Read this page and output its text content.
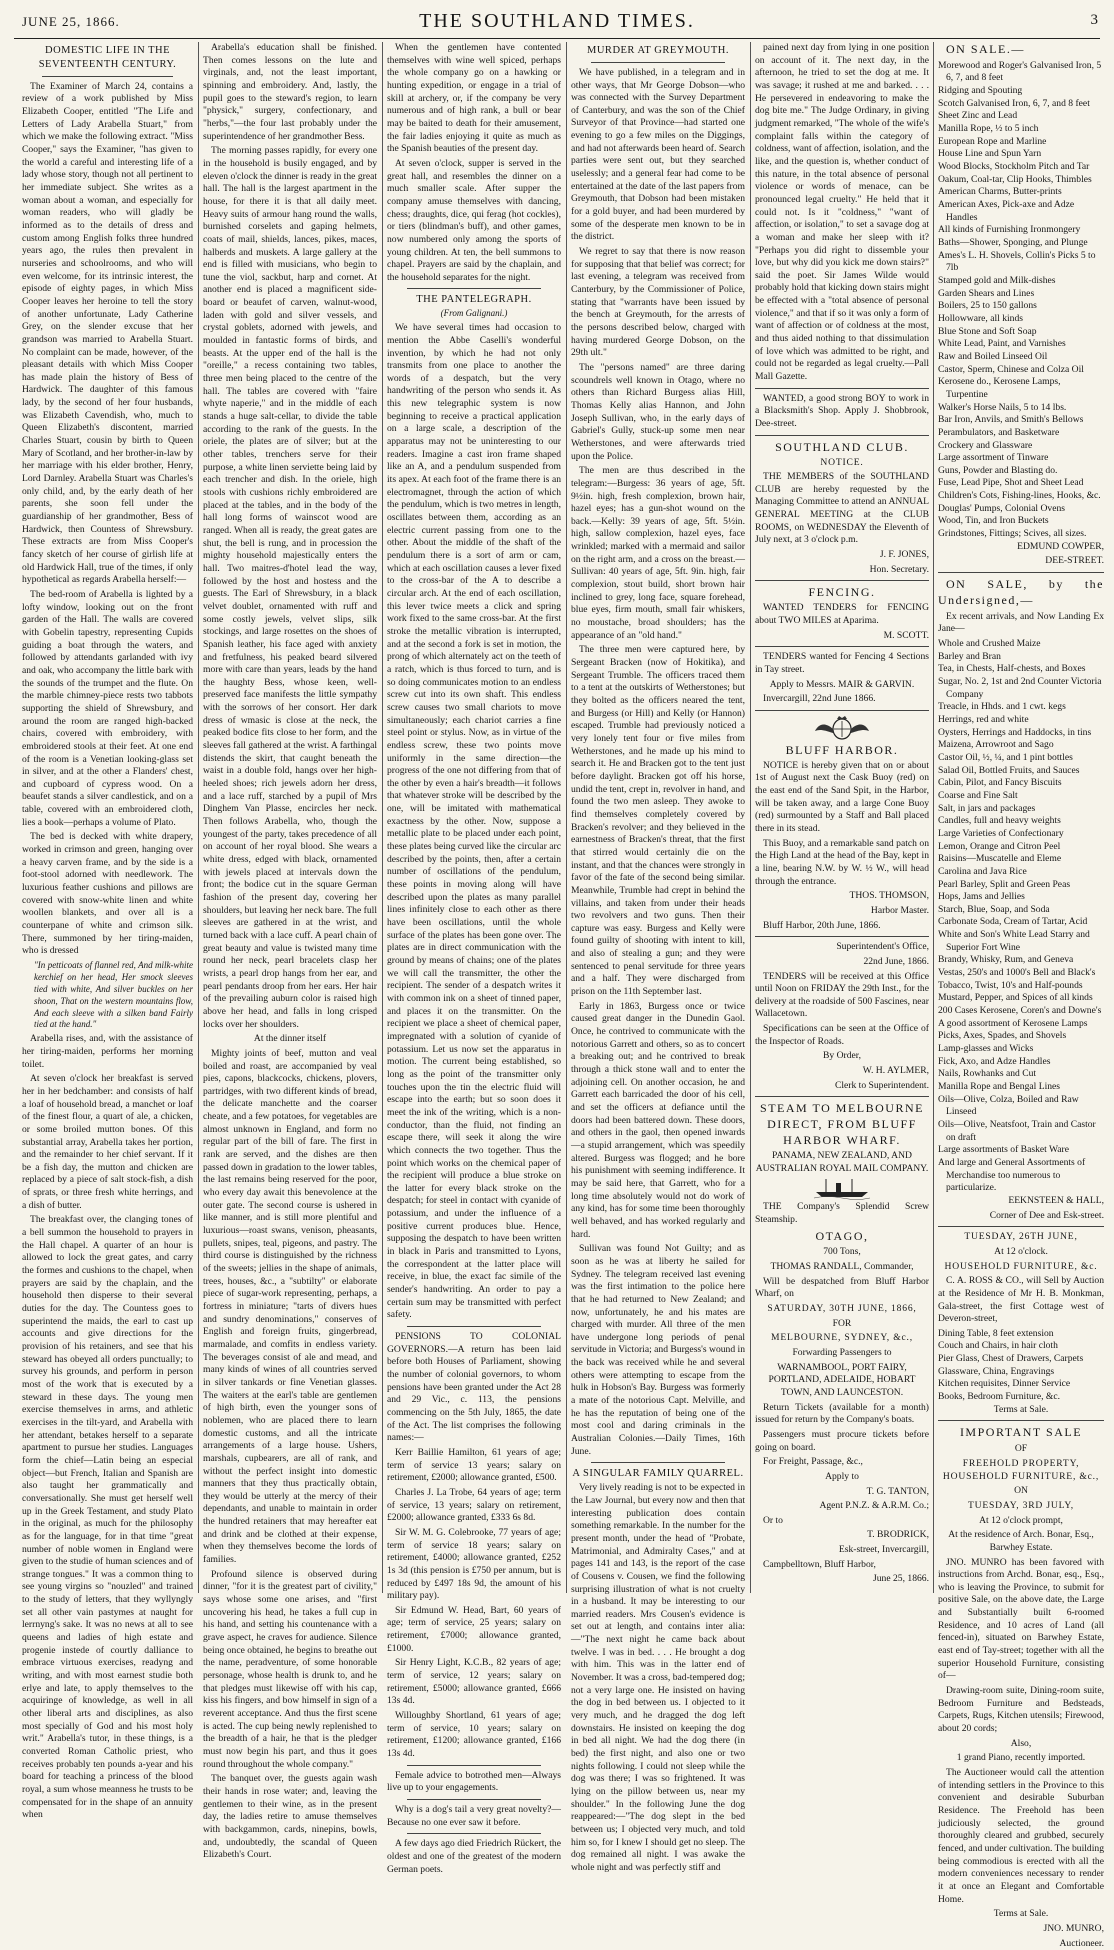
JUNE 25, 1866.	THE SOUTHLAND TIMES.	3
DOMESTIC LIFE IN THE SEVENTEENTH CENTURY.

The Examiner of March 24, contains a review of a work published by Miss Elizabeth Cooper, entitled "The Life and Letters of Lady Arabella Stuart," from which we make the following extract. "Miss Cooper," says the Examiner, "has given to the world a careful and interesting life of a lady whose story, though not all pertinent to her immediate subject. She writes as a woman about a woman, and especially for woman readers, who will gladly be informed as to the details of dress and custom among English folks three hundred years ago, the rules then prevalent in nurseries and schoolrooms, and who will even welcome, for its intrinsic interest, the episode of eighty pages, in which Miss Cooper leaves her heroine to tell the story of another unfortunate, Lady Catherine Grey, on the slender excuse that her grandson was married to Arabella Stuart. No complaint can be made, however, of the pleasant details with which Miss Cooper has made plain the history of Bess of Hardwick. The daughter of this famous lady, by the second of her four husbands, was Elizabeth Cavendish, who, much to Queen Elizabeth's discontent, married Charles Stuart, cousin by birth to Queen Mary of Scotland, and her brother-in-law by her marriage with his elder brother, Henry, Lord Darnley. Arabella Stuart was Charles's only child, and, by the early death of her parents, she soon fell under the guardianship of her grandmother, Bess of Hardwick, then Countess of Shrewsbury. These extracts are from Miss Cooper's fancy sketch of her course of girlish life at old Hardwick Hall, true of the times, if only hypothetical as regards Arabella herself:—

The bed-room of Arabella is lighted by a lofty window, looking out on the front garden of the Hall. The walls are covered with Gobelin tapestry, representing Cupids guiding a boat through the waters, and followed by attendants garlanded with ivy and oak, who accompany the little bark with the sounds of the trumpet and the flute. On the marble chimney-piece rests two tabbots supporting the shield of Shrewsbury, and around the room are ranged high-backed chairs, covered with embroidery, with embroidered stools at their feet. At one end of the room is a Venetian looking-glass set in silver, and at the other a Flanders' chest, and cupboard of cypress wood. On a beaufet stands a silver candlestick, and on a table, covered with an embroidered cloth, lies a book—perhaps a volume of Plato.

The bed is decked with white drapery, worked in crimson and green, hanging over a heavy carven frame, and by the side is a foot-stool adorned with needlework. The luxurious feather cushions and pillows are covered with snow-white linen and white woollen blankets, and over all is a counterpane of white and crimson silk. There, summoned by her tiring-maiden, who is dressed

"In petticoats of flannel red, And milk-white kerchief on her head, Her smock sleeves tied with white, And silver buckles on her shoon, That on the western mountains flow, And each sleeve with a silken band Fairly tied at the hand."

Arabella rises, and, with the assistance of her tiring-maiden, performs her morning toilet.

At seven o'clock her breakfast is served her in her bedchamber: and consists of half a loaf of household bread, a manchet or loaf of the finest flour, a quart of ale, a chicken, or some broiled mutton bones. Of this substantial array, Arabella takes her portion, and the remainder to her chief servant. If it be a fish day, the mutton and chicken are replaced by a piece of salt stock-fish, a dish of sprats, or three fresh white herrings, and a dish of butter.

The breakfast over, the clanging tones of a bell summon the household to prayers in the Hall chapel. A quarter of an hour is allowed to lock the great gates, and carry the formes and cushions to the chapel, when prayers are said by the chaplain, and the household then disperse to their several duties for the day. The Countess goes to superintend the maids, the earl to cast up accounts and give directions for the provision of his retainers, and see that his steward has obeyed all orders punctually; to survey his grounds, and perform in person most of the work that is executed by a steward in these days. The young men exercise themselves in arms, and athletic exercises in the tilt-yard, and Arabella with her attendant, betakes herself to a separate apartment to pursue her studies. Languages form the chief—Latin being an especial object—but French, Italian and Spanish are also taught her grammatically and conversationally. She must get herself well up in the Greek Testament, and study Plato in the original, as much for the philosophy as for the language, for in that time "great number of noble women in England were given to the studie of human sciences and of strange tongues." It was a common thing to see young virgins so "nouzled" and trained to the study of letters, that they wyllyngly set all other vain pastymes at naught for lerrnyng's sake. It was no news at all to see queens and ladies of high estate and progenie instede of courtly dalliance to embrace virtuous exercises, readyng and writing, and with most earnest studie both erlye and late, to apply themselves to the acquiringe of knowledge, as well in all other liberal arts and disciplines, as also most specially of God and his most holy writ." Arabella's tutor, in these things, is a converted Roman Catholic priest, who receives probably ten pounds a-year and his board for teaching a princess of the blood royal, a sum whose meanness he trusts to be compensated for in the shape of an annuity when

Arabella's education shall be finished. Then comes lessons on the lute and virginals, and, not the least important, spinning and embroidery. And, lastly, the pupil goes to the steward's region, to learn "physick," surgery, confectionary, and "herbs,"—the four last probably under the superintendence of her grandmother Bess.

The morning passes rapidly, for every one in the household is busily engaged, and by eleven o'clock the dinner is ready in the great hall. The hall is the largest apartment in the house, for there it is that all daily meet. Heavy suits of armour hang round the walls, burnished corselets and gaping helmets, coats of mail, shields, lances, pikes, maces, halberds and muskets. A large gallery at the end is filled with musicians, who begin to tune the viol, sackbut, harp and cornet. At another end is placed a magnificent side-board or beaufet of carven, walnut-wood, laden with gold and silver vessels, and crystal goblets, adorned with jewels, and moulded in fantastic forms of birds, and beasts. At the upper end of the hall is the "oreille," a recess containing two tables, three men being placed to the centre of the hall. The tables are covered with "faire whyte naperie," and in the middle of each stands a huge salt-cellar, to divide the table according to the rank of the guests. In the oriele, the plates are of silver; but at the other tables, trenchers serve for their purpose, a white linen serviette being laid by each trencher and dish. In the oriele, high stools with cushions richly embroidered are placed at the tables, and in the body of the hall long forms of wainscot wood are ranged. When all is ready, the great gates are shut, the bell is rung, and in procession the mighty household majestically enters the hall. Two maitres-d'hotel lead the way, followed by the host and hostess and the guests. The Earl of Shrewsbury, in a black velvet doublet, ornamented with ruff and some costly jewels, velvet slips, silk stockings, and large rosettes on the shoes of Spanish leather, his face aged with anxiety and fretfulness, his peaked beard silvered more with care than years, leads by the hand the haughty Bess, whose keen, well-preserved face manifests the little sympathy with the sorrows of her consort. Her dark dress of wmasic is close at the neck, the peaked bodice fits close to her form, and the sleeves fall gathered at the wrist. A farthingal distends the skirt, that caught beneath the waist in a double fold, hangs over her high-heeled shoes; rich jewels adorn her dress, and a lace ruff, starched by a pupil of Mrs Dinghem Van Plasse, encircles her neck. Then follows Arabella, who, though the youngest of the party, takes precedence of all on account of her royal blood. She wears a white dress, edged with black, ornamented with jewels placed at intervals down the front; the bodice cut in the square German fashion of the present day, covering her shoulders, but leaving her neck bare. The full sleeves are gathered in at the wrist, and turned back with a lace cuff. A pearl chain of great beauty and value is twisted many time round her neck, pearl bracelets clasp her wrists, a pearl drop hangs from her ear, and pearl pendants droop from her ears. Her hair of the prevailing auburn color is raised high above her head, and falls in long crisped locks over her shoulders.

At the dinner itself

Mighty joints of beef, mutton and veal boiled and roast, are accompanied by veal pies, capons, blackcocks, chickens, plovers, partridges, with two different kinds of bread, the delicate manchette and the coarser cheate, and a few potatoes, for vegetables are almost unknown in England, and form no regular part of the bill of fare. The first in rank are served, and the dishes are then passed down in gradation to the lower tables, the last remains being reserved for the poor, who every day await this benevolence at the outer gate. The second course is ushered in like manner, and is still more plentiful and luxurious—roast swans, venison, pheasants, pullets, snipes, teal, pigeons, and pastry. The third course is distinguished by the richness of the sweets; jellies in the shape of animals, trees, houses, &c., a "subtilty" or elaborate piece of sugar-work representing, perhaps, a fortress in miniature; "tarts of divers hues and sundry denominations," conserves of English and foreign fruits, gingerbread, marmalade, and comfits in endless variety. The beverages consist of ale and mead, and many kinds of wines of all countries served in silver tankards or fine Venetian glasses. The waiters at the earl's table are gentlemen of high birth, even the younger sons of noblemen, who are placed there to learn domestic customs, and all the intricate arrangements of a large house. Ushers, marshals, cupbearers, are all of rank, and without the perfect insight into domestic manners that they thus practically obtain, they would be utterly at the mercy of their dependants, and unable to maintain in order the hundred retainers that may hereafter eat and drink and be clothed at their expense, when they themselves become the lords of families.

Profound silence is observed during dinner, "for it is the greatest part of civility," says whose some one arises, and "first uncovering his head, he takes a full cup in his hand, and setting his countenance with a grave aspect, he craves for audience. Silence being once obtained, he begins to breathe out the name, peradventure, of some honorable personage, whose health is drunk to, and he that pledges must likewise off with his cap, kiss his fingers, and bow himself in sign of a reverent acceptance. And thus the first scene is acted. The cup being newly replenished to the breadth of a hair, he that is the pledger must now begin his part, and thus it goes round throughout the whole company."

The banquet over, the guests again wash their hands in rose water; and, leaving the gentlemen to their wine, as in the present day, the ladies retire to amuse themselves with backgammon, cards, ninepins, bowls, and, undoubtedly, the scandal of Queen Elizabeth's Court.

When the gentlemen have contented themselves with wine well spiced, perhaps the whole company go on a hawking or hunting expedition, or engage in a trial of skill at archery, or, if the company be very numerous and of high rank, a bull or bear may be baited to death for their amusement, the fair ladies enjoying it quite as much as the Spanish beauties of the present day.

At seven o'clock, supper is served in the great hall, and resembles the dinner on a much smaller scale. After supper the company amuse themselves with dancing, chess; draughts, dice, qui ferag (hot cockles), or tiers (blindman's buff), and other games, now numbered only among the sports of young children. At ten, the bell summons to chapel. Prayers are said by the chaplain, and the household separates for the night.

THE PANTELEGRAPH.
(From Galignani.)

We have several times had occasion to mention the Abbe Caselli's wonderful invention, by which he had not only transmits from one place to another the words of a despatch, but the very handwriting of the person who sends it. As this new telegraphic system is now beginning to receive a practical application on a large scale, a description of the apparatus may not be uninteresting to our readers. Imagine a cast iron frame shaped like an A, and a pendulum suspended from its apex. At each foot of the frame there is an electromagnet, through the action of which the pendulum, which is two metres in length, oscillates between them, according as an electric current passing from one to the other. About the middle of the shaft of the pendulum there is a sort of arm or cam, which at each oscillation causes a lever fixed to the cross-bar of the A to describe a circular arch. At the end of each oscillation, this lever twice meets a click and spring work fixed to the same cross-bar. At the first stroke the metallic vibration is interrupted, and at the second a fork is set in motion, the prong of which alternately act on the teeth of a ratch, which is thus forced to turn, and is so doing communicates motion to an endless screw cut into its own shaft. This endless screw causes two small chariots to move simultaneously; each chariot carries a fine steel point or stylus. Now, as in virtue of the endless screw, these two points move uniformly in the same direction—the progress of the one not differing from that of the other by even a hair's breadth—it follows that whatever stroke will be described by the one, will be imitated with mathematical exactness by the other. Now, suppose a metallic plate to be placed under each point, these plates being curved like the circular arc described by the points, then, after a certain number of oscillations of the pendulum, these points in moving along will have described upon the plates as many parallel lines infinitely close to each other as there have been oscillations, until the whole surface of the plates has been gone over. The plates are in direct communication with the ground by means of chains; one of the plates we will call the transmitter, the other the recipient. The sender of a despatch writes it with common ink on a sheet of tinned paper, and places it on the transmitter. On the recipient we place a sheet of chemical paper, impregnated with a solution of cyanide of potassium. Let us now set the apparatus in motion. The current being established, so long as the point of the transmitter only touches upon the tin the electric fluid will escape into the earth; but so soon does it meet the ink of the writing, which is a non-conductor, than the fluid, not finding an escape there, will seek it along the wire which connects the two together. Thus the point which works on the chemical paper of the recipient will produce a blue stroke on the latter for every black stroke on the despatch; for steel in contact with cyanide of potassium, and under the influence of a positive current produces blue. Hence, supposing the despatch to have been written in black in Paris and transmitted to Lyons, the correspondent at the latter place will receive, in blue, the exact fac simile of the sender's handwriting. An order to pay a certain sum may be transmitted with perfect safety.

PENSIONS TO COLONIAL GOVERNORS.—A return has been laid before both Houses of Parliament, showing the number of colonial governors, to whom pensions have been granted under the Act 28 and 29 Vic., c. 113, the pensions commencing on the 5th July, 1865, the date of the Act. The list comprises the following names:—

Kerr Baillie Hamilton, 61 years of age; term of service 13 years; salary on retirement, £2000; allowance granted, £500.

Charles J. La Trobe, 64 years of age; term of service, 13 years; salary on retirement, £2000; allowance granted, £333 6s 8d.

Sir W. M. G. Colebrooke, 77 years of age; term of service 18 years; salary on retirement, £4000; allowance granted, £252 1s 3d (this pension is £750 per annum, but is reduced by £497 18s 9d, the amount of his military pay).

Sir Edmund W. Head, Bart, 60 years of age; term of service, 25 years; salary on retirement, £7000; allowance granted, £1000.

Sir Henry Light, K.C.B., 82 years of age; term of service, 12 years; salary on retirement, £5000; allowance granted, £666 13s 4d.

Willoughby Shortland, 61 years of age; term of service, 10 years; salary on retirement, £1200; allowance granted, £166 13s 4d.

Female advice to botrothed men—Always live up to your engagements.

Why is a dog's tail a very great novelty?—Because no one ever saw it before.

A few days ago died Friedrich Rückert, the oldest and one of the greatest of the modern German poets.

MURDER AT GREYMOUTH.

We have published, in a telegram and in other ways, that Mr George Dobson—who was connected with the Survey Department of Canterbury, and was the son of the Chief Surveyor of that Province—had started one evening to go a few miles on the Diggings, and had not afterwards been heard of. Search parties were sent out, but they searched uselessly; and a general fear had come to be entertained at the date of the last papers from Greymouth, that Dobson had been mistaken for a gold buyer, and had been murdered by some of the desperate men known to be in the district.

We regret to say that there is now reason for supposing that that belief was correct; for last evening, a telegram was received from Canterbury, by the Commissioner of Police, stating that "warrants have been issued by the bench at Greymouth, for the arrests of the persons described below, charged with having murdered George Dobson, on the 29th ult."

The "persons named" are three daring scoundrels well known in Otago, where no others than Richard Burgess alias Hill, Thomas Kelly alias Hannon, and John Joseph Sullivan, who, in the early days of Gabriel's Gully, stuck-up some men near Wetherstones, and were afterwards tried upon the Police.

The men are thus described in the telegram:—Burgess: 36 years of age, 5ft. 9½in. high, fresh complexion, brown hair, hazel eyes; has a gun-shot wound on the back.—Kelly: 39 years of age, 5ft. 5½in. high, sallow complexion, hazel eyes, face wrinkled; marked with a mermaid and sailor on the right arm, and a cross on the breast.—Sullivan: 40 years of age, 5ft. 9in. high, fair complexion, stout build, short brown hair inclined to grey, long face, square forehead, blue eyes, firm mouth, small fair whiskers, no moustache, broad shoulders; has the appearance of an "old hand."

The three men were captured here, by Sergeant Bracken (now of Hokitika), and Sergeant Trumble. The officers traced them to a tent at the outskirts of Wetherstones; but they bolted as the officers neared the tent, and Burgess (or Hill) and Kelly (or Hannon) escaped. Trumble had previously noticed a very lonely tent four or five miles from Wetherstones, and he made up his mind to search it. He and Bracken got to the tent just before daylight. Bracken got off his horse, undid the tent, crept in, revolver in hand, and found the two men asleep. They awoke to find themselves completely covered by Bracken's revolver; and they believed in the earnestness of Bracken's threat, that the first that stirred would certainly die on the instant, and that the chances were strongly in favor of the fate of the second being similar. Meanwhile, Trumble had crept in behind the villains, and taken from under their heads two revolvers and two guns. Then their capture was easy. Burgess and Kelly were found guilty of shooting with intent to kill, and also of stealing a gun; and they were sentenced to penal servitude for three years and a half. They were discharged from prison on the 11th September last.

Early in 1863, Burgess once or twice caused great danger in the Dunedin Gaol. Once, he contrived to communicate with the notorious Garrett and others, so as to concert a breaking out; and he contrived to break through a thick stone wall and to enter the adjoining cell. On another occasion, he and Garrett each barricaded the door of his cell, and set the officers at defiance until the doors had been battered down. These doors, and others in the gaol, then opened inwards—a stupid arrangement, which was speedily altered. Burgess was flogged; and he bore his punishment with seeming indifference. It may be said here, that Garrett, who for a long time absolutely would not do work of any kind, has for some time been thoroughly well behaved, and has worked regularly and hard.

Sullivan was found Not Guilty; and as soon as he was at liberty he sailed for Sydney. The telegram received last evening was the first intimation to the police here that he had returned to New Zealand; and now, unfortunately, he and his mates are charged with murder. All three of the men have undergone long periods of penal servitude in Victoria; and Burgess's wound in the back was received while he and several others were attempting to escape from the hulk in Hobson's Bay. Burgess was formerly a mate of the notorious Capt. Melville, and he has the reputation of being one of the most cool and daring criminals in the Australian Colonies.—Daily Times, 16th June.

A SINGULAR FAMILY QUARREL.

Very lively reading is not to be expected in the Law Journal, but every now and then that interesting publication does contain something remarkable. In the number for the present month, under the head of "Probate, Matrimonial, and Admiralty Cases," and at pages 141 and 143, is the report of the case of Cousens v. Cousen, we find the following surprising illustration of what is not cruelty in a husband. It may be interesting to our married readers. Mrs Cousen's evidence is set out at length, and contains inter alia:—"The next night he came back about twelve. I was in bed. . . . He brought a dog with him. This was in the latter end of November. It was a cross, bad-tempered dog; not a very large one. He insisted on having the dog in bed between us. I objected to it very much, and he dragged the dog left downstairs. He insisted on keeping the dog in bed all night. We had the dog there (in bed) the first night, and also one or two nights following. I could not sleep while the dog was there; I was so frightened. It was lying on the pillow between us, near my shoulder." In the following June the dog reappeared:—"The dog slept in the bed between us; I objected very much, and told him so, for I knew I should get no sleep. The dog remained all night. I was awake the whole night and was perfectly stiff and

pained next day from lying in one position on account of it. The next day, in the afternoon, he tried to set the dog at me. It was savage; it rushed at me and barked. . . . He persevered in endeavoring to make the dog bite me." The Judge Ordinary, in giving judgment remarked, "The whole of the wife's complaint falls within the category of coldness, want of affection, isolation, and the like, and the question is, whether conduct of this nature, in the total absence of personal violence or words of menace, can be pronounced legal cruelty." He held that it could not. Is it "coldness," "want of affection, or isolation," to set a savage dog at a woman and make her sleep with it? "Perhaps you did right to dissemble your love, but why did you kick me down stairs?" said the poet. Sir James Wilde would probably hold that kicking down stairs might be effected with a "total absence of personal violence," and that if so it was only a form of want of affection or of coldness at the most, and thus aided nothing to that dissimulation of love which was admitted to be right, and could not be regarded as legal cruelty.—Pall Mall Gazette.

WANTED, a good strong BOY to work in a Blacksmith's Shop. Apply J. Shobbrook, Dee-street.

SOUTHLAND CLUB.

NOTICE.

THE MEMBERS of the SOUTHLAND CLUB are hereby requested by the Managing Committee to attend an ANNUAL GENERAL MEETING at the CLUB ROOMS, on WEDNESDAY the Eleventh of July next, at 3 o'clock p.m.

J. F. JONES,

Hon. Secretary.

FENCING.

WANTED TENDERS for FENCING about TWO MILES at Aparima.

M. SCOTT.

TENDERS wanted for Fencing 4 Sections in Tay street.

Apply to Messrs. MAIR & GARVIN.

Invercargill, 22nd June 1866.

BLUFF HARBOR.

NOTICE is hereby given that on or about 1st of August next the Cask Buoy (red) on the east end of the Sand Spit, in the Harbor, will be taken away, and a large Cone Buoy (red) surmounted by a Staff and Ball placed there in its stead.

This Buoy, and a remarkable sand patch on the High Land at the head of the Bay, kept in a line, bearing N.W. by W. ½ W., will head through the entrance.

THOS. THOMSON,

Harbor Master.

Bluff Harbor, 20th June, 1866.

Superintendent's Office,

22nd June, 1866.

TENDERS will be received at this Office until Noon on FRIDAY the 29th Inst., for the delivery at the roadside of 500 Fascines, near Wallacetown.

Specifications can be seen at the Office of the Inspector of Roads.

By Order,

W. H. AYLMER,

Clerk to Superintendent.

STEAM TO MELBOURNE DIRECT, FROM BLUFF HARBOR WHARF.

PANAMA, NEW ZEALAND, AND AUSTRALIAN ROYAL MAIL COMPANY.

THE Company's Splendid Screw Steamship.

OTAGO,

700 Tons,

THOMAS RANDALL, Commander,

Will be despatched from Bluff Harbor Wharf, on

SATURDAY, 30TH JUNE, 1866,

FOR

MELBOURNE, SYDNEY, &c.,

Forwarding Passengers to

WARNAMBOOL, PORT FAIRY, PORTLAND, ADELAIDE, HOBART TOWN, AND LAUNCESTON.

Return Tickets (available for a month) issued for return by the Company's boats.

Passengers must procure tickets before going on board.

For Freight, Passage, &c.,

Apply to

T. G. TANTON,

Agent P.N.Z. & A.R.M. Co.;

Or to

T. BRODRICK,

Esk-street, Invercargill,

Campbelltown, Bluff Harbor,

June 25, 1866.

ON SALE.—

Morewood and Roger's Galvanised Iron, 5 6, 7, and 8 feet
Ridging and Spouting
Scotch Galvanised Iron, 6, 7, and 8 feet
Sheet Zinc and Lead
Manilla Rope, ½ to 5 inch
European Rope and Marline
House Line and Spun Yarn
Wood Blocks, Stockholm Pitch and Tar
Oakum, Coal-tar, Clip Hooks, Thimbles
American Charms, Butter-prints
American Axes, Pick-axe and Adze Handles
All kinds of Furnishing Ironmongery
Baths—Shower, Sponging, and Plunge
Ames's L. H. Shovels, Collin's Picks 5 to 7lb
Stamped gold and Milk-dishes
Garden Shears and Lines
Boilers, 25 to 150 gallons
Hollowware, all kinds
Blue Stone and Soft Soap
White Lead, Paint, and Varnishes
Raw and Boiled Linseed Oil
Castor, Sperm, Chinese and Colza Oil
Kerosene do., Kerosene Lamps, Turpentine
Walker's Horse Nails, 5 to 14 lbs.
Bar Iron, Anvils, and Smith's Bellows
Perambulators, and Basketware
Crockery and Glassware
Large assortment of Tinware
Guns, Powder and Blasting do.
Fuse, Lead Pipe, Shot and Sheet Lead
Children's Cots, Fishing-lines, Hooks, &c.
Douglas' Pumps, Colonial Ovens
Wood, Tin, and Iron Buckets
Grindstones, Fittings; Scives, all sizes.

EDMUND COWPER,

DEE-STREET.

ON SALE, by the Undersigned,—

Ex recent arrivals, and Now Landing Ex Jane—

Whole and Crushed Maize
Barley and Bran
Tea, in Chests, Half-chests, and Boxes
Sugar, No. 2, 1st and 2nd Counter Victoria Company
Treacle, in Hhds. and 1 cwt. kegs
Herrings, red and white
Oysters, Herrings and Haddocks, in tins
Maizena, Arrowroot and Sago
Castor Oil, ½, ¼, and 1 pint bottles
Salad Oil, Bottled Fruits, and Sauces
Cabin, Pilot, and Fancy Biscuits
Coarse and Fine Salt
Salt, in jars and packages
Candles, full and heavy weights
Large Varieties of Confectionary
Lemon, Orange and Citron Peel
Raisins—Muscatelle and Eleme
Carolina and Java Rice
Pearl Barley, Split and Green Peas
Hops, Jams and Jellies
Starch, Blue, Soap, and Soda
Carbonate Soda, Cream of Tartar, Acid
White and Son's White Lead Starry and Superior Fort Wine
Brandy, Whisky, Rum, and Geneva
Vestas, 250's and 1000's Bell and Black's
Tobacco, Twist, 10's and Half-pounds
Mustard, Pepper, and Spices of all kinds
200 Cases Kerosene, Coren's and Downe's
A good assortment of Kerosene Lamps
Picks, Axes, Spades, and Shovels
Lamp-glasses and Wicks
Fick, Axo, and Adze Handles
Nails, Rowhanks and Cut
Manilla Rope and Bengal Lines
Oils—Olive, Colza, Boiled and Raw Linseed
Oils—Olive, Neatsfoot, Train and Castor on draft
Large assortments of Basket Ware
And large and General Assortments of Merchandise too numerous to particularize.

EEKNSTEEN & HALL,

Corner of Dee and Esk-street.

TUESDAY, 26TH JUNE,

At 12 o'clock.

HOUSEHOLD FURNITURE, &c.

C. A. ROSS & CO., will Sell by Auction at the Residence of Mr H. B. Monkman, Gala-street, the first Cottage west of Deveron-street,

Dining Table, 8 feet extension
Couch and Chairs, in hair cloth
Pier Glass, Chest of Drawers, Carpets
Glassware, China, Engravings
Kitchen requisites, Dinner Service
Books, Bedroom Furniture, &c.

Terms at Sale.

IMPORTANT SALE

OF

FREEHOLD PROPERTY, HOUSEHOLD FURNITURE, &c.,

ON

TUESDAY, 3RD JULY,

At 12 o'clock prompt,

At the residence of Arch. Bonar, Esq., Barwhey Estate.

JNO. MUNRO has been favored with instructions from Archd. Bonar, esq., Esq., who is leaving the Province, to submit for positive Sale, on the above date, the Large and Substantially built 6-roomed Residence, and 10 acres of Land (all fenced-in), situated on Barwhey Estate, east end of Tay-street; together with all the superior Household Furniture, consisting of—

Drawing-room suite, Dining-room suite, Bedroom Furniture and Bedsteads, Carpets, Rugs, Kitchen utensils; Firewood, about 20 cords;

Also,

1 grand Piano, recently imported.

The Auctioneer would call the attention of intending settlers in the Province to this convenient and desirable Suburban Residence. The Freehold has been judiciously selected, the ground thoroughly cleared and grubbed, securely fenced, and under cultivation. The building being commodious is erected with all the modern conveniences necessary to render it at once an Elegant and Comfortable Home.

Terms at Sale.

JNO. MUNRO,

Auctioneer.
